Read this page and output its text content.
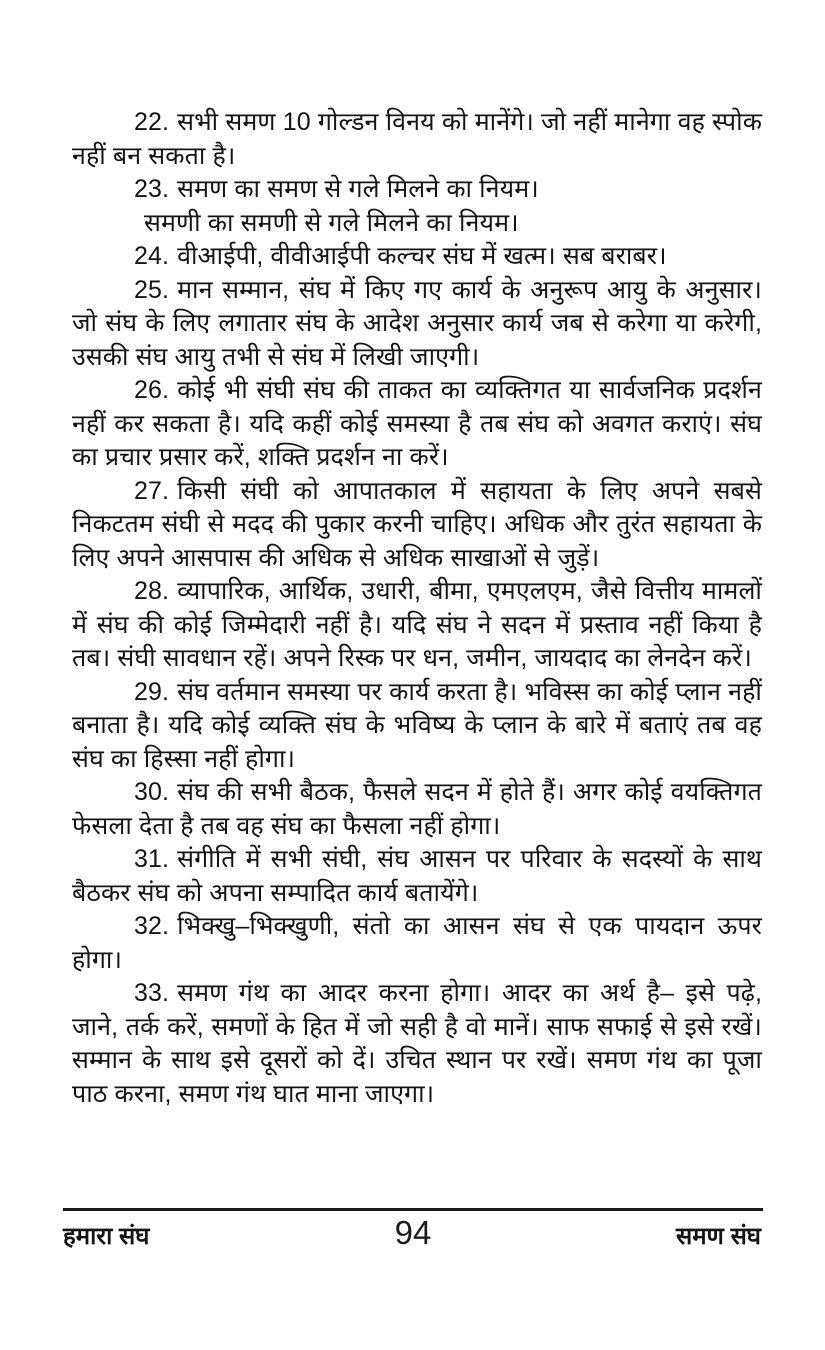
22. सभी समण 10 गोल्डन विनय को मानेंगे। जो नहीं मानेगा वह स्पोक नहीं बन सकता है।

23. समण का समण से गले मिलने का नियम।
समणी का समणी से गले मिलने का नियम।

24. वीआईपी, वीवीआईपी कल्चर संघ में खत्म। सब बराबर।

25. मान सम्मान, संघ में किए गए कार्य के अनुरूप आयु के अनुसार। जो संघ के लिए लगातार संघ के आदेश अनुसार कार्य जब से करेगा या करेगी, उसकी संघ आयु तभी से संघ में लिखी जाएगी।

26. कोई भी संघी संघ की ताकत का व्यक्तिगत या सार्वजनिक प्रदर्शन नहीं कर सकता है। यदि कहीं कोई समस्या है तब संघ को अवगत कराएं। संघ का प्रचार प्रसार करें, शक्ति प्रदर्शन ना करें।

27. किसी संघी को आपातकाल में सहायता के लिए अपने सबसे निकटतम संघी से मदद की पुकार करनी चाहिए। अधिक और तुरंत सहायता के लिए अपने आसपास की अधिक से अधिक साखाओं से जुड़ें।

28. व्यापारिक, आर्थिक, उधारी, बीमा, एमएलएम, जैसे वित्तीय मामलों में संघ की कोई जिम्मेदारी नहीं है। यदि संघ ने सदन में प्रस्ताव नहीं किया है तब। संघी सावधान रहें। अपने रिस्क पर धन, जमीन, जायदाद का लेनदेन करें।

29. संघ वर्तमान समस्या पर कार्य करता है। भविस्स का कोई प्लान नहीं बनाता है। यदि कोई व्यक्ति संघ के भविष्य के प्लान के बारे में बताएं तब वह संघ का हिस्सा नहीं होगा।

30. संघ की सभी बैठक, फैसले सदन में होते हैं। अगर कोई वयक्तिगत फेसला देता है तब वह संघ का फैसला नहीं होगा।

31. संगीति में सभी संघी, संघ आसन पर परिवार के सदस्यों के साथ बैठकर संघ को अपना सम्पादित कार्य बतायेंगे।

32. भिक्खु–भिक्खुणी, संतो का आसन संघ से एक पायदान ऊपर होगा।

33. समण गंथ का आदर करना होगा। आदर का अर्थ है– इसे पढ़े, जाने, तर्क करें, समणों के हित में जो सही है वो मानें। साफ सफाई से इसे रखें। सम्मान के साथ इसे दूसरों को दें। उचित स्थान पर रखें। समण गंथ का पूजा पाठ करना, समण गंथ घात माना जाएगा।

हमारा संघ	94	समण संघ
